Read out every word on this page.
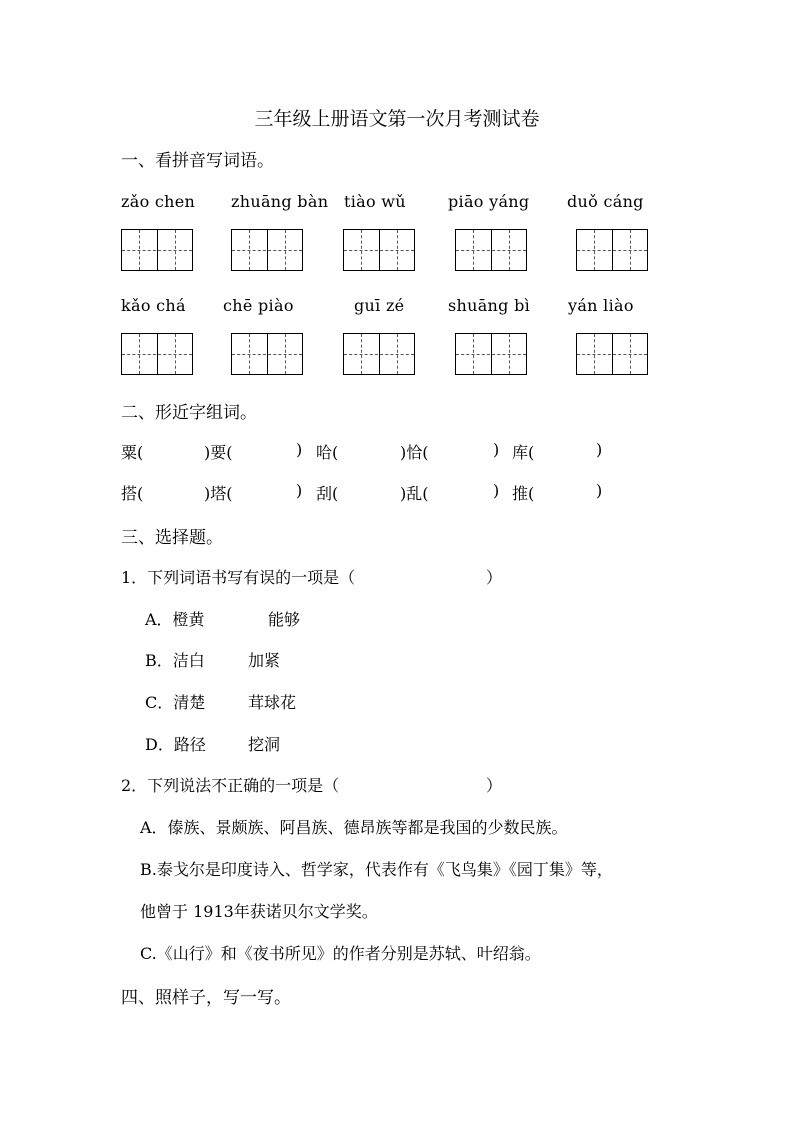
三年级上册语文第一次月考测试卷
一、看拼音写词语。
zǎo chen zhuāng bàn tiào wǔ	piāo yáng duǒ cáng
kǎo chá chē piào	guī zé	shuāng bì yán liào
二、形近字组词。
粟(	)要(	) 哈(	)恰(	) 库(	)
搭(	)塔(	) 刮(	)乱(	) 推(	)
三、选择题。
1．下列词语书写有误的一项是（	）
A．橙黄	能够
B．洁白	加紧
C．清楚	茸球花
D．路径	挖洞
2．下列说法不正确的一项是（	）
A．傣族、景颇族、阿昌族、德昂族等都是我国的少数民族。
B.泰戈尔是印度诗入、哲学家，代表作有《飞鸟集》《园丁集》等，
他曾于 1913年获诺贝尔文学奖。
C.《山行》和《夜书所见》的作者分别是苏轼、叶绍翁。
四、照样子，写一写。
